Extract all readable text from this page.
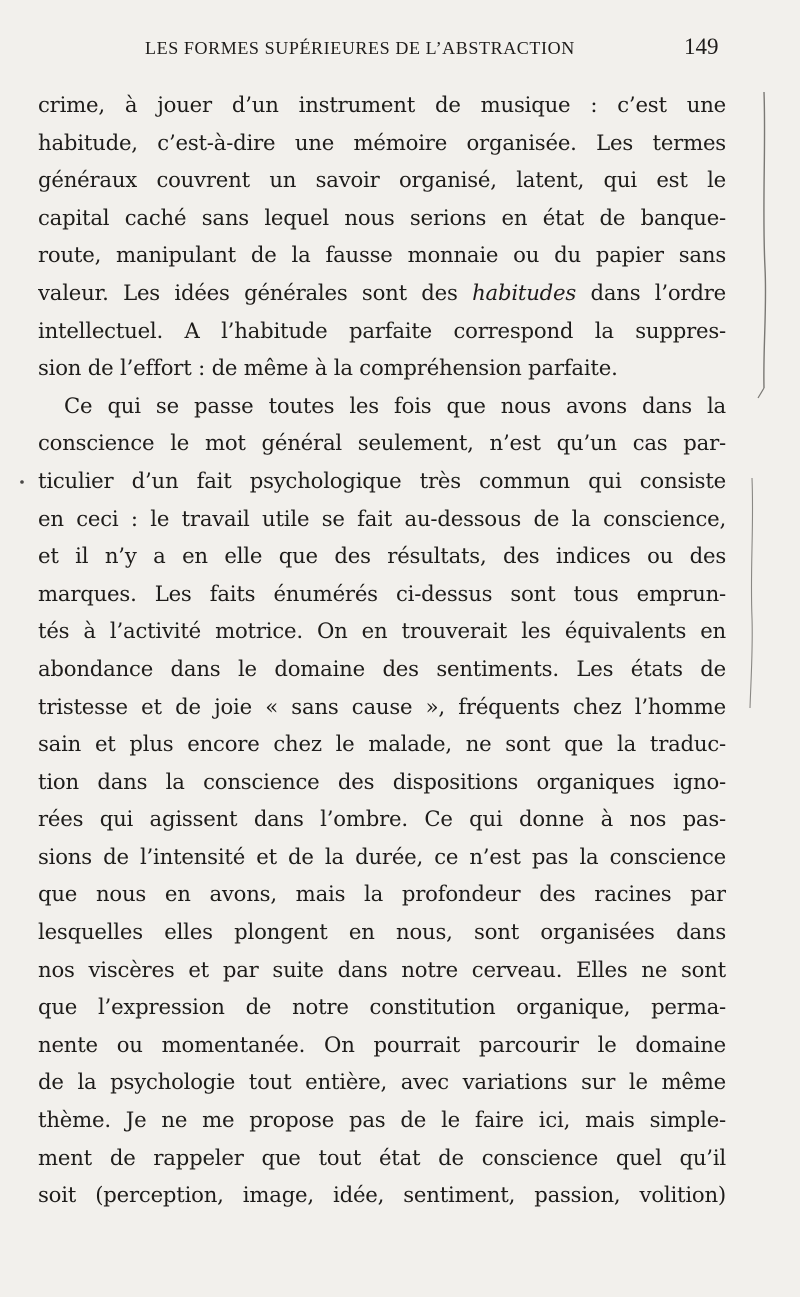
LES FORMES SUPÉRIEURES DE L’ABSTRACTION	149
crime, à jouer d’un instrument de musique : c’est une
habitude, c’est-à-dire une mémoire organisée. Les termes
généraux couvrent un savoir organisé, latent, qui est le
capital caché sans lequel nous serions en état de banque-
route, manipulant de la fausse monnaie ou du papier sans
valeur. Les idées générales sont des habitudes dans l’ordre
intellectuel. A l’habitude parfaite correspond la suppres-
sion de l’effort : de même à la compréhension parfaite.
Ce qui se passe toutes les fois que nous avons dans la
conscience le mot général seulement, n’est qu’un cas par-
ticulier d’un fait psychologique très commun qui consiste
en ceci : le travail utile se fait au-dessous de la conscience,
et il n’y a en elle que des résultats, des indices ou des
marques. Les faits énumérés ci-dessus sont tous emprun-
tés à l’activité motrice. On en trouverait les équivalents en
abondance dans le domaine des sentiments. Les états de
tristesse et de joie « sans cause », fréquents chez l’homme
sain et plus encore chez le malade, ne sont que la traduc-
tion dans la conscience des dispositions organiques igno-
rées qui agissent dans l’ombre. Ce qui donne à nos pas-
sions de l’intensité et de la durée, ce n’est pas la conscience
que nous en avons, mais la profondeur des racines par
lesquelles elles plongent en nous, sont organisées dans
nos viscères et par suite dans notre cerveau. Elles ne sont
que l’expression de notre constitution organique, perma-
nente ou momentanée. On pourrait parcourir le domaine
de la psychologie tout entière, avec variations sur le même
thème. Je ne me propose pas de le faire ici, mais simple-
ment de rappeler que tout état de conscience quel qu’il
soit (perception, image, idée, sentiment, passion, volition)
